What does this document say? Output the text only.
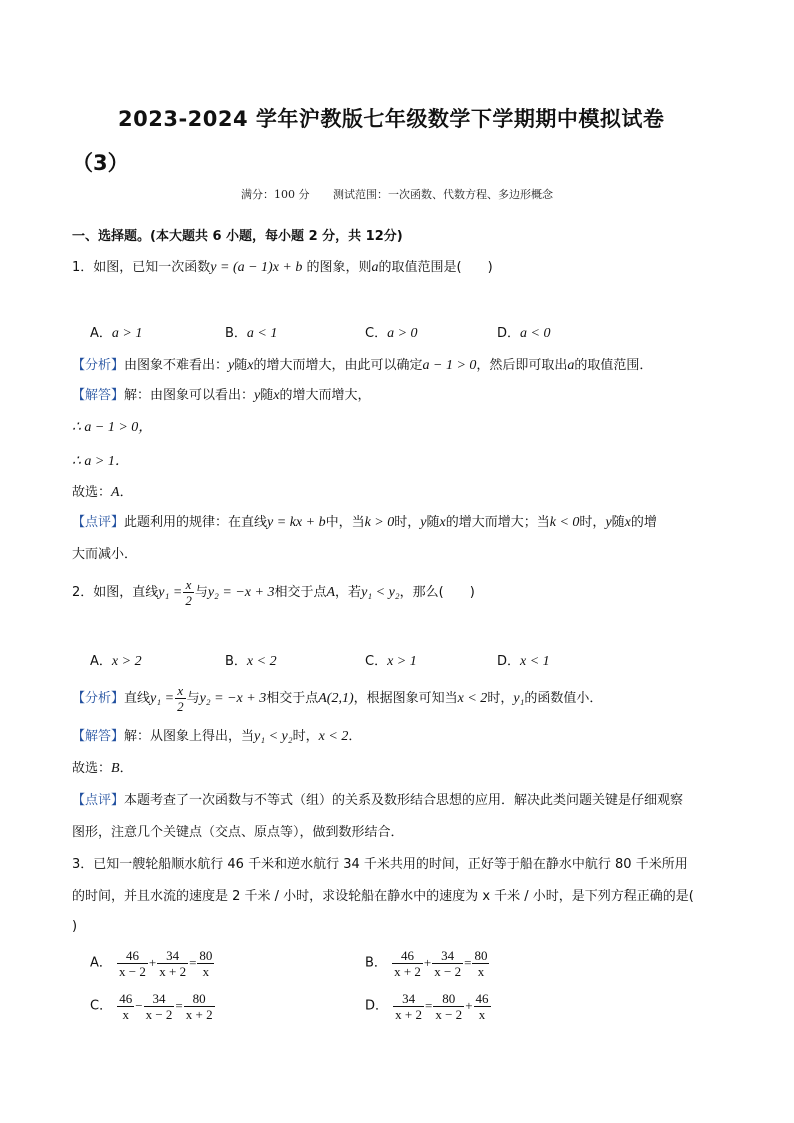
2023-2024 学年沪教版七年级数学下学期期中模拟试卷
（3）
满分：100 分 测试范围：一次函数、代数方程、多边形概念
一、选择题。(本大题共 6 小题，每小题 2 分，共 12分)
1．如图，已知一次函数y = (a − 1)x + b 的图象，则a的取值范围是(　　)
A．a > 1	B．a < 1	C．a > 0	D．a < 0
【分析】由图象不难看出：y随x的增大而增大，由此可以确定a − 1 > 0，然后即可取出a的取值范围．
【解答】解：由图象可以看出：y随x的增大而增大，
∴ a − 1 > 0，
∴ a > 1．
故选：A．
【点评】此题利用的规律：在直线y = kx + b中，当k > 0时，y随x的增大而增大；当k < 0时，y随x的增
大而减小．
2．如图，直线$y_1 = \frac{x}{2}$ 与y₂ = −x + 3相交于点A，若y₁ < y₂，那么(　　)
A．x > 2	B．x < 2	C．x > 1	D．x < 1
【分析】直线$y_1 = \frac{x}{2}$ 与y₂ = −x + 3相交于点A(2,1)，根据图象可知当x < 2时，y₁的函数值小．
【解答】解：从图象上得出，当y₁ < y₂时，x < 2．
故选：B．
【点评】本题考查了一次函数与不等式（组）的关系及数形结合思想的应用．解决此类问题关键是仔细观察
图形，注意几个关键点（交点、原点等），做到数形结合．
3．已知一艘轮船顺水航行 46 千米和逆水航行 34 千米共用的时间，正好等于船在静水中航行 80 千米所用
的时间，并且水流的速度是 2 千米 / 小时，求设轮船在静水中的速度为 x 千米 / 小时，是下列方程正确的是(
)
A． $\frac{46}{x - 2} + \frac{34}{x + 2} = \frac{80}{x}$	B． $\frac{46}{x + 2} + \frac{34}{x - 2} = \frac{80}{x}$
C． $\frac{46}{x} - \frac{34}{x - 2} = \frac{80}{x + 2}$	D． $\frac{34}{x + 2} = \frac{80}{x - 2} + \frac{46}{x}$
